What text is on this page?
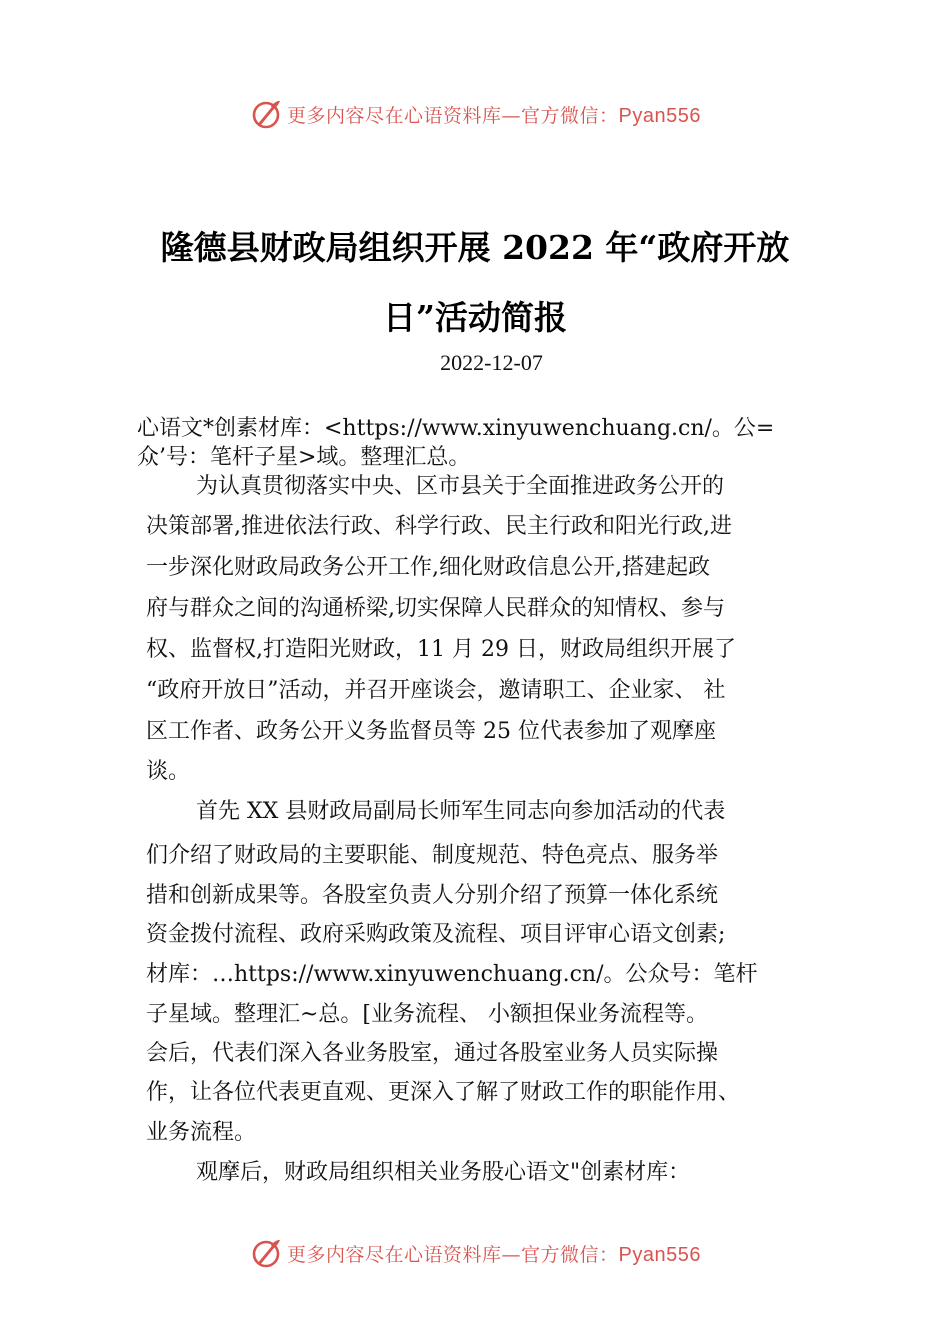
更多内容尽在心语资料库—官方微信：Pyan556
隆德县财政局组织开展 2022 年“政府开放
日”活动简报
2022-12-07
心语文*创素材库：<https://www.xinyuwenchuang.cn/。公=
众’号：笔杆子星>域。整理汇总。
为认真贯彻落实中央、区市县关于全面推进政务公开的
决策部署,推进依法行政、科学行政、民主行政和阳光行政,进
一步深化财政局政务公开工作,细化财政信息公开,搭建起政
府与群众之间的沟通桥梁,切实保障人民群众的知情权、参与
权、监督权,打造阳光财政，11 月 29 日，财政局组织开展了
“政府开放日”活动，并召开座谈会，邀请职工、企业家、 社
区工作者、政务公开义务监督员等 25 位代表参加了观摩座
谈。
首先 XX 县财政局副局长师军生同志向参加活动的代表
们介绍了财政局的主要职能、制度规范、特色亮点、服务举
措和创新成果等。各股室负责人分别介绍了预算一体化系统
资金拨付流程、政府采购政策及流程、项目评审心语文创素;
材库：…https://www.xinyuwenchuang.cn/。公众号：笔杆
子星域。整理汇~总。[业务流程、 小额担保业务流程等。
会后，代表们深入各业务股室，通过各股室业务人员实际操
作，让各位代表更直观、更深入了解了财政工作的职能作用、
业务流程。
观摩后，财政局组织相关业务股心语文"创素材库：
更多内容尽在心语资料库—官方微信：Pyan556
